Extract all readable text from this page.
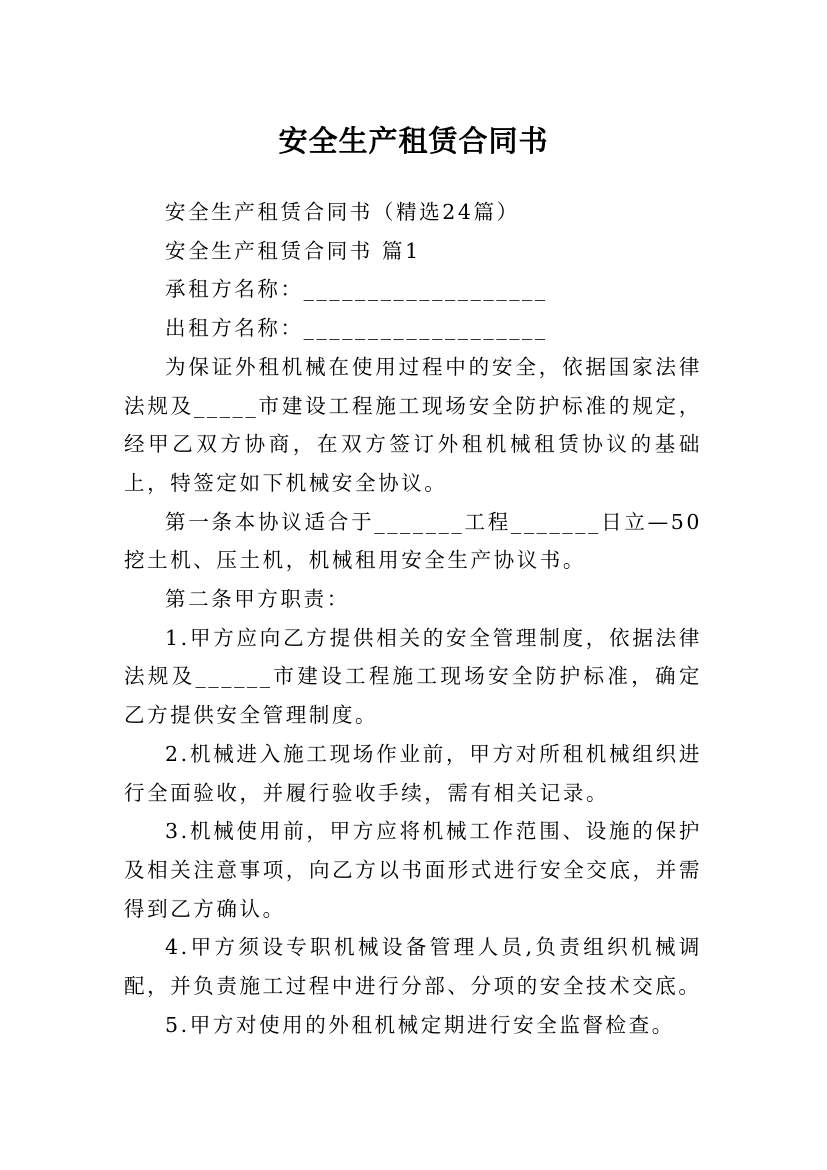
安全生产租赁合同书

安全生产租赁合同书（精选24篇）

安全生产租赁合同书 篇1

承租方名称：___________________

出租方名称：___________________

为保证外租机械在使用过程中的安全，依据国家法律法规及_____市建设工程施工现场安全防护标准的规定，经甲乙双方协商，在双方签订外租机械租赁协议的基础上，特签定如下机械安全协议。

第一条本协议适合于_______工程_______日立—50挖土机、压土机，机械租用安全生产协议书。

第二条甲方职责：

1.甲方应向乙方提供相关的安全管理制度，依据法律法规及______市建设工程施工现场安全防护标准，确定乙方提供安全管理制度。

2.机械进入施工现场作业前，甲方对所租机械组织进行全面验收，并履行验收手续，需有相关记录。

3.机械使用前，甲方应将机械工作范围、设施的保护及相关注意事项，向乙方以书面形式进行安全交底，并需得到乙方确认。

4.甲方须设专职机械设备管理人员,负责组织机械调配，并负责施工过程中进行分部、分项的安全技术交底。

5.甲方对使用的外租机械定期进行安全监督检查。
